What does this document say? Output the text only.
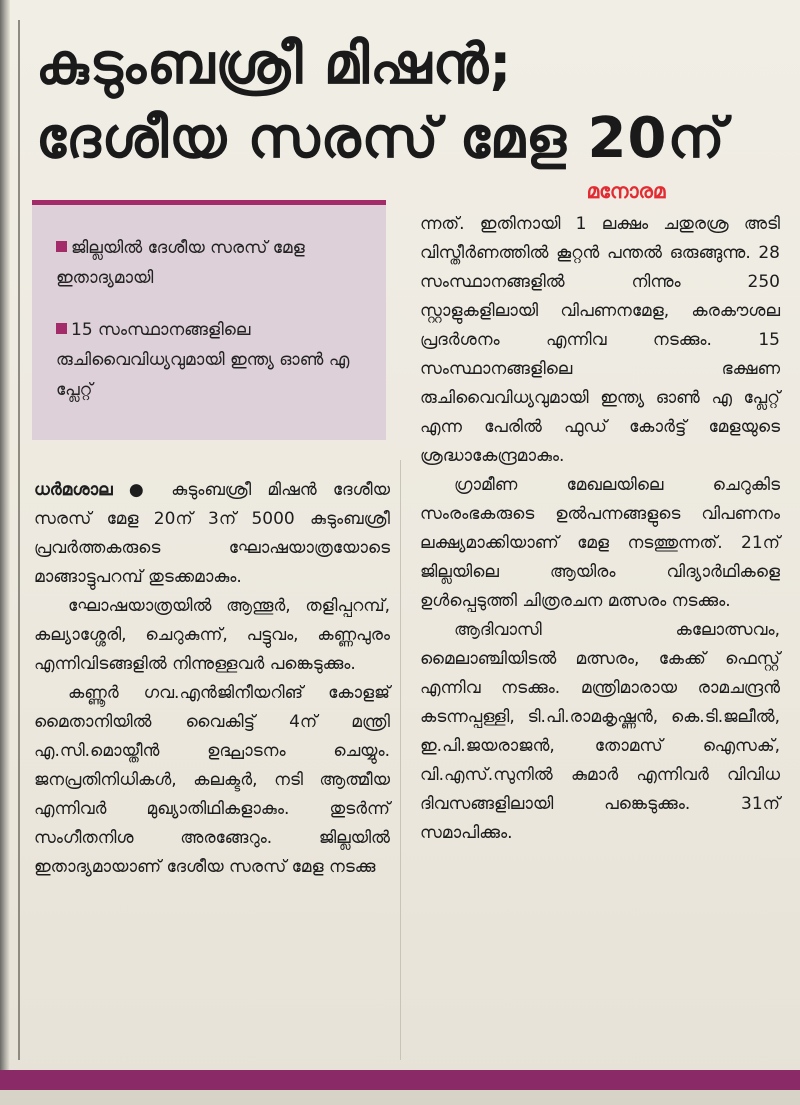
കുടുംബശ്രീ മിഷൻ;
ദേശീയ സരസ് മേള 20ന്
മനോരമ
ജില്ലയിൽ ദേശീയ സരസ് മേള ഇതാദ്യമായി
15 സംസ്ഥാനങ്ങളിലെ രുചിവൈവിധ്യവുമായി ഇന്ത്യ ഓൺ എ പ്ലേറ്റ്

ധർമശാല ● കുടുംബശ്രീ മിഷൻ ദേശീയ സരസ് മേള 20ന് 3ന് 5000 കുടുംബശ്രീ പ്രവർത്തകരുടെ ഘോഷയാത്രയോടെ മാങ്ങാട്ടുപറമ്പ് തുടക്കമാകും.

ഘോഷയാത്രയിൽ ആന്തൂർ, തളിപ്പറമ്പ്, കല്യാശ്ശേരി, ചെറുകുന്ന്, പട്ടുവം, കണ്ണപുരം എന്നിവിടങ്ങളിൽ നിന്നുള്ളവർ പങ്കെടുക്കും.

കണ്ണൂർ ഗവ.എൻജിനീയറിങ് കോളജ് മൈതാനിയിൽ വൈകിട്ട് 4ന് മന്ത്രി എ.സി.മൊയ്തീൻ ഉദ്ഘാടനം ചെയ്യും. ജനപ്രതിനിധികൾ, കലക്ടർ, നടി ആത്മീയ എന്നിവർ മുഖ്യാതിഥികളാകും. തുടർന്ന് സംഗീതനിശ അരങ്ങേറും. ജില്ലയിൽ ഇതാദ്യമായാണ് ദേശീയ സരസ് മേള നടക്കു

ന്നത്. ഇതിനായി 1 ലക്ഷം ചതുരശ്ര അടി വിസ്തീർണത്തിൽ കൂറ്റൻ പന്തൽ ഒരുങ്ങുന്നു. 28 സംസ്ഥാനങ്ങളിൽ നിന്നും 250 സ്റ്റാളുകളിലായി വിപണനമേള, കരകൗശല പ്രദർശനം എന്നിവ നടക്കും. 15 സംസ്ഥാനങ്ങളിലെ ഭക്ഷണ രുചിവൈവിധ്യവുമായി ഇന്ത്യ ഓൺ എ പ്ലേറ്റ് എന്ന പേരിൽ ഫുഡ് കോർട്ട് മേളയുടെ ശ്രദ്ധാകേന്ദ്രമാകും.

ഗ്രാമീണ മേഖലയിലെ ചെറുകിട സംരംഭകരുടെ ഉൽപന്നങ്ങളുടെ വിപണനം ലക്ഷ്യമാക്കിയാണ് മേള നടത്തുന്നത്. 21ന് ജില്ലയിലെ ആയിരം വിദ്യാർഥികളെ ഉൾപ്പെടുത്തി ചിത്രരചന മത്സരം നടക്കും.

ആദിവാസി കലോത്സവം, മൈലാഞ്ചിയിടൽ മത്സരം, കേക്ക് ഫെസ്റ്റ് എന്നിവ നടക്കും. മന്ത്രിമാരായ രാമചന്ദ്രൻ കടന്നപ്പള്ളി, ടി.പി.രാമകൃഷ്ണൻ, കെ.ടി.ജലീൽ, ഇ.പി.ജയരാജൻ, തോമസ് ഐസക്, വി.എസ്.സുനിൽ കുമാർ എന്നിവർ വിവിധ ദിവസങ്ങളിലായി പങ്കെടുക്കും. 31ന് സമാപിക്കും.
